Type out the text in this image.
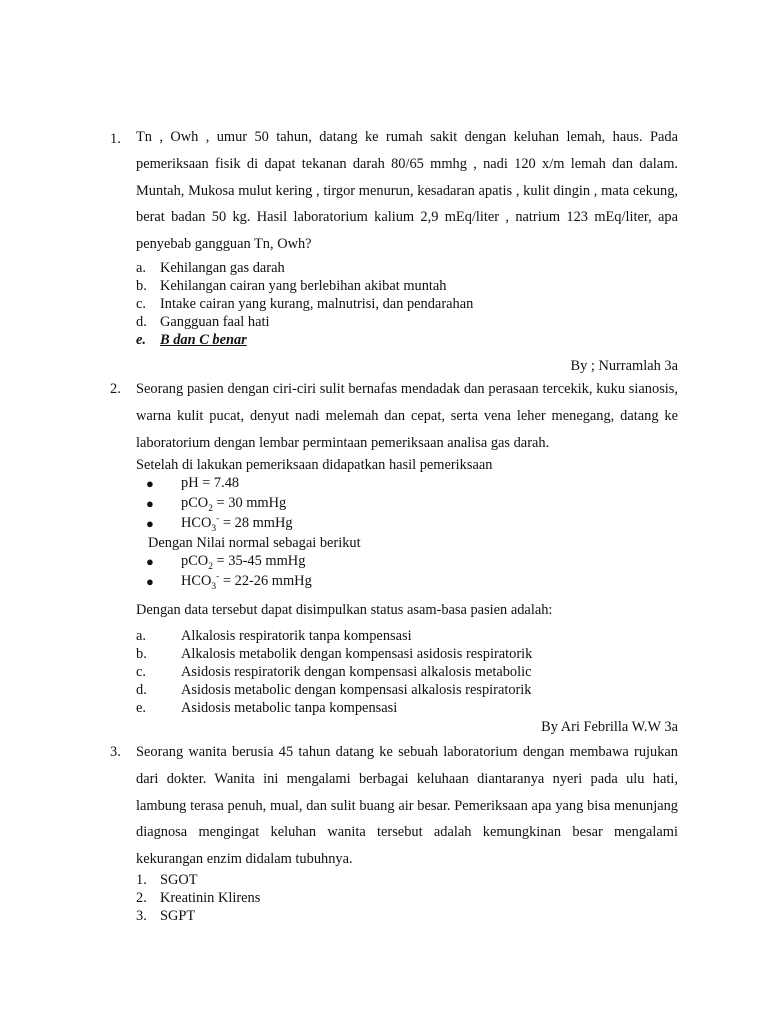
1.	Tn , Owh , umur 50 tahun, datang ke rumah sakit dengan keluhan lemah, haus. Pada pemeriksaan fisik di dapat tekanan darah 80/65 mmhg , nadi 120 x/m lemah dan dalam. Muntah, Mukosa mulut kering , tirgor menurun, kesadaran apatis , kulit dingin , mata cekung, berat badan 50 kg. Hasil laboratorium kalium 2,9 mEq/liter , natrium 123 mEq/liter, apa penyebab gangguan Tn, Owh?

a. Kehilangan gas darah
b. Kehilangan cairan yang berlebihan akibat muntah
c. Intake cairan yang kurang, malnutrisi, dan pendarahan
d. Gangguan faal hati
e. B dan C benar

By ; Nurramlah 3a

2.	Seorang pasien dengan ciri-ciri sulit bernafas mendadak dan perasaan tercekik, kuku sianosis, warna kulit pucat, denyut nadi melemah dan cepat, serta vena leher menegang, datang ke laboratorium dengan lembar permintaan pemeriksaan analisa gas darah.

Setelah di lakukan pemeriksaan didapatkan hasil pemeriksaan

● pH = 7.48
● pCO$_2$ = 30 mmHg
● $HCO_3^- = 28$ mmHg

Dengan Nilai normal sebagai berikut

● pCO$_2$ = 35-45 mmHg
● $HCO_3^- = 22-26$ mmHg

Dengan data tersebut dapat disimpulkan status asam-basa pasien adalah:

a. Alkalosis respiratorik tanpa kompensasi
b. Alkalosis metabolik dengan kompensasi asidosis respiratorik
c. Asidosis respiratorik dengan kompensasi alkalosis metabolic
d. Asidosis metabolic dengan kompensasi alkalosis respiratorik
e. Asidosis metabolic tanpa kompensasi

By Ari Febrilla W.W 3a

3.	Seorang wanita berusia 45 tahun datang ke sebuah laboratorium dengan membawa rujukan dari dokter. Wanita ini mengalami berbagai keluhaan diantaranya nyeri pada ulu hati, lambung terasa penuh, mual, dan sulit buang air besar. Pemeriksaan apa yang bisa menunjang diagnosa mengingat keluhan wanita tersebut adalah kemungkinan besar mengalami kekurangan enzim didalam tubuhnya.

1. SGOT
2. Kreatinin Klirens
3. SGPT
